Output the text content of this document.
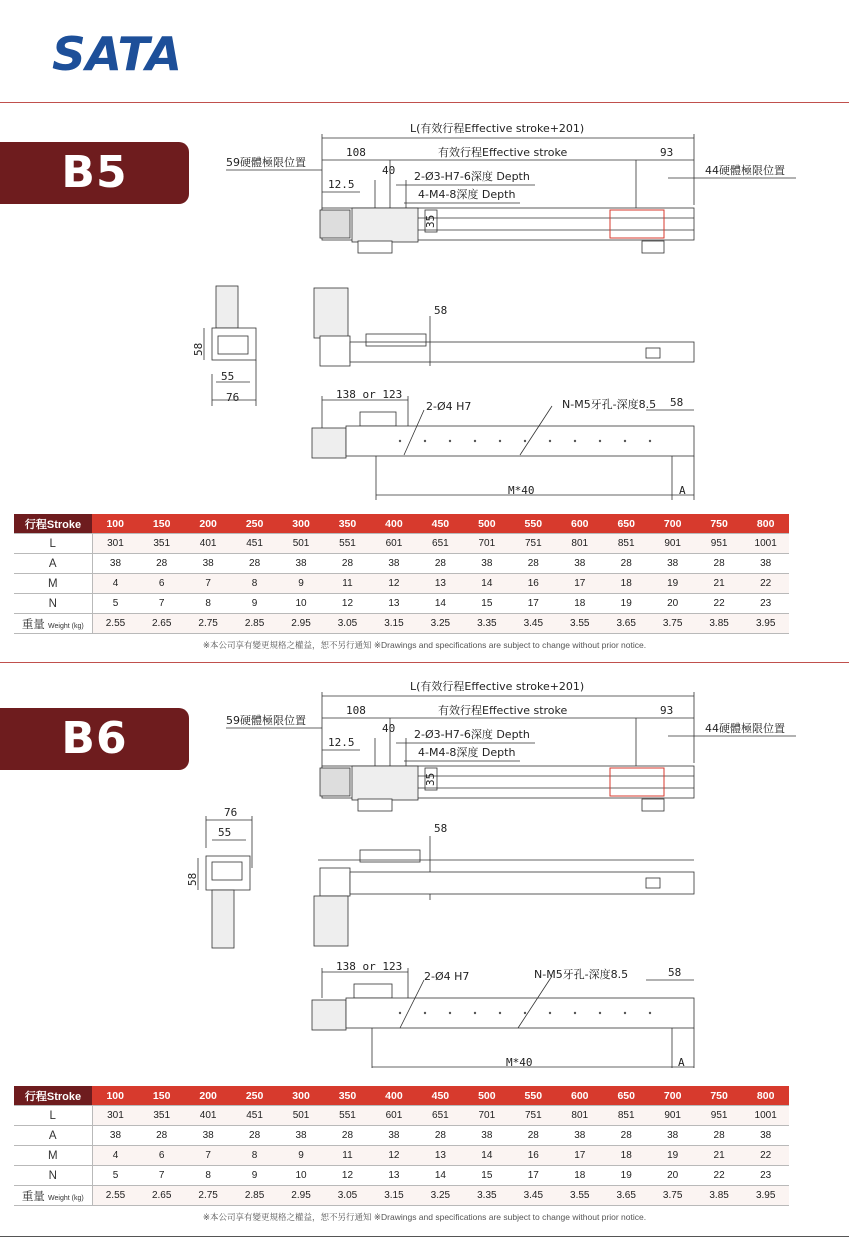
SATA
B5
L(有效行程Effective stroke+201)
108	有效行程Effective stroke	93
59硬體極限位置
44硬體極限位置
40
12.5
2-Ø3-H7-6深度 Depth
4-M4-8深度 Depth
35
58
55
76
58
138 or 123
2-Ø4 H7	N-M5牙孔-深度8.5 58
M*40	A
行程Stroke	100	150	200	250	300	350	400	450	500	550	600	650	700	750	800
L	301	351	401	451	501	551	601	651	701	751	801	851	901	951	1001
A	38	28	38	28	38	28	38	28	38	28	38	28	38	28	38
M	4	6	7	8	9	11	12	13	14	16	17	18	19	21	22
N	5	7	8	9	10	12	13	14	15	17	18	19	20	22	23
重量 Weight (kg)	2.55	2.65	2.75	2.85	2.95	3.05	3.15	3.25	3.35	3.45	3.55	3.65	3.75	3.85	3.95
※本公司享有變更規格之權益，恕不另行通知 ※Drawings and specifications are subject to change without prior notice.
B6
L(有效行程Effective stroke+201)
108	有效行程Effective stroke	93
59硬體極限位置
44硬體極限位置
40
12.5
2-Ø3-H7-6深度 Depth
4-M4-8深度 Depth
35
58
55
76
58
138 or 123
2-Ø4 H7	N-M5牙孔-深度8.5	58
M*40	A
行程Stroke	100	150	200	250	300	350	400	450	500	550	600	650	700	750	800
L	301	351	401	451	501	551	601	651	701	751	801	851	901	951	1001
A	38	28	38	28	38	28	38	28	38	28	38	28	38	28	38
M	4	6	7	8	9	11	12	13	14	16	17	18	19	21	22
N	5	7	8	9	10	12	13	14	15	17	18	19	20	22	23
重量 Weight (kg)	2.55	2.65	2.75	2.85	2.95	3.05	3.15	3.25	3.35	3.45	3.55	3.65	3.75	3.85	3.95
※本公司享有變更規格之權益，恕不另行通知 ※Drawings and specifications are subject to change without prior notice.
